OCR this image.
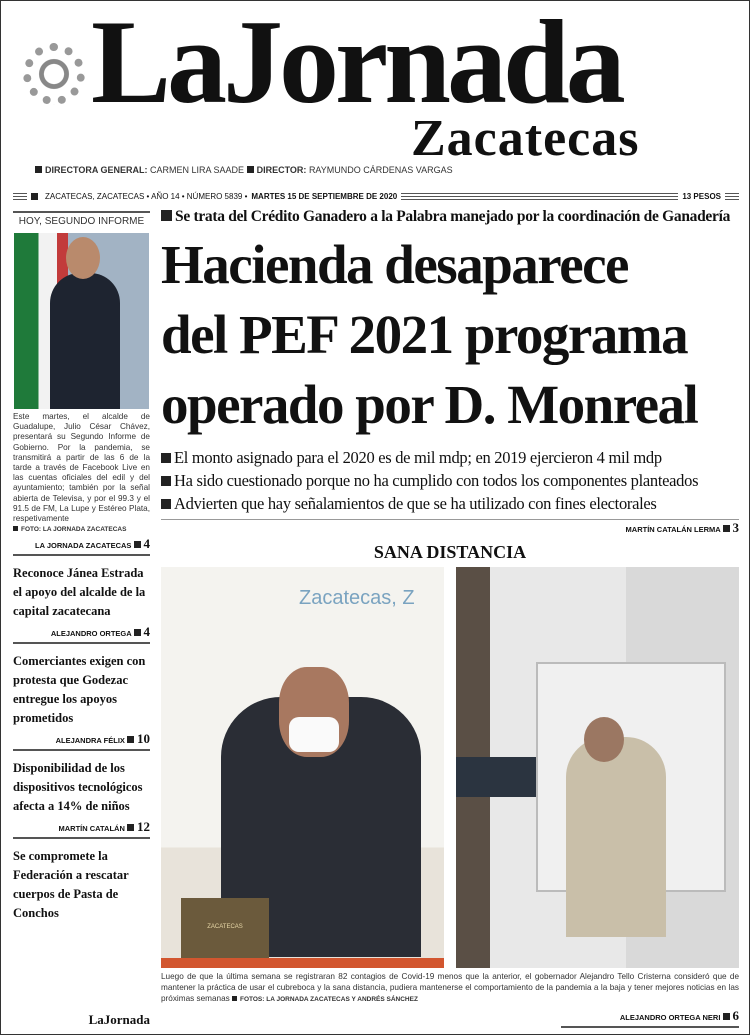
LaJornada
Zacatecas
DIRECTORA GENERAL: CARMEN LIRA SAADE DIRECTOR: RAYMUNDO CÁRDENAS VARGAS
ZACATECAS, ZACATECAS • AÑO 14 • NÚMERO 5839 • MARTES 15 DE SEPTIEMBRE DE 2020	13 PESOS
HOY, SEGUNDO INFORME
Este martes, el alcalde de Guadalupe, Julio César Chávez, presentará su Segundo Informe de Gobierno. Por la pandemia, se transmitirá a partir de las 6 de la tarde a través de Facebook Live en las cuentas oficiales del edil y del ayuntamiento; también por la señal abierta de Televisa, y por el 99.3 y el 91.5 de FM, La Lupe y Estéreo Plata, respetivamente
FOTO: LA JORNADA ZACATECAS
LA JORNADA ZACATECAS 4
Reconoce Jánea Estrada el apoyo del alcalde de la capital zacatecana
ALEJANDRO ORTEGA 4
Comerciantes exigen con protesta que Godezac entregue los apoyos prometidos
ALEJANDRA FÉLIX 10
Disponibilidad de los dispositivos tecnológicos afecta a 14% de niños
MARTÍN CATALÁN 12
Se compromete la Federación a rescatar cuerpos de Pasta de Conchos
LaJornada
Se trata del Crédito Ganadero a la Palabra manejado por la coordinación de Ganadería
Hacienda desaparece
del PEF 2021 programa
operado por D. Monreal
El monto asignado para el 2020 es de mil mdp; en 2019 ejercieron 4 mil mdp
Ha sido cuestionado porque no ha cumplido con todos los componentes planteados
Advierten que hay señalamientos de que se ha utilizado con fines electorales
MARTÍN CATALÁN LERMA 3
SANA DISTANCIA
Zacatecas, Z
ZACATECAS
Luego de que la última semana se registraran 82 contagios de Covid-19 menos que la anterior, el gobernador Alejandro Tello Cristerna consideró que de mantener la práctica de usar el cubreboca y la sana distancia, pudiera mantenerse el comportamiento de la pandemia a la baja y tener mejores noticias en las próximas semanas FOTOS: LA JORNADA ZACATECAS Y ANDRÉS SÁNCHEZ
ALEJANDRO ORTEGA NERI 6
